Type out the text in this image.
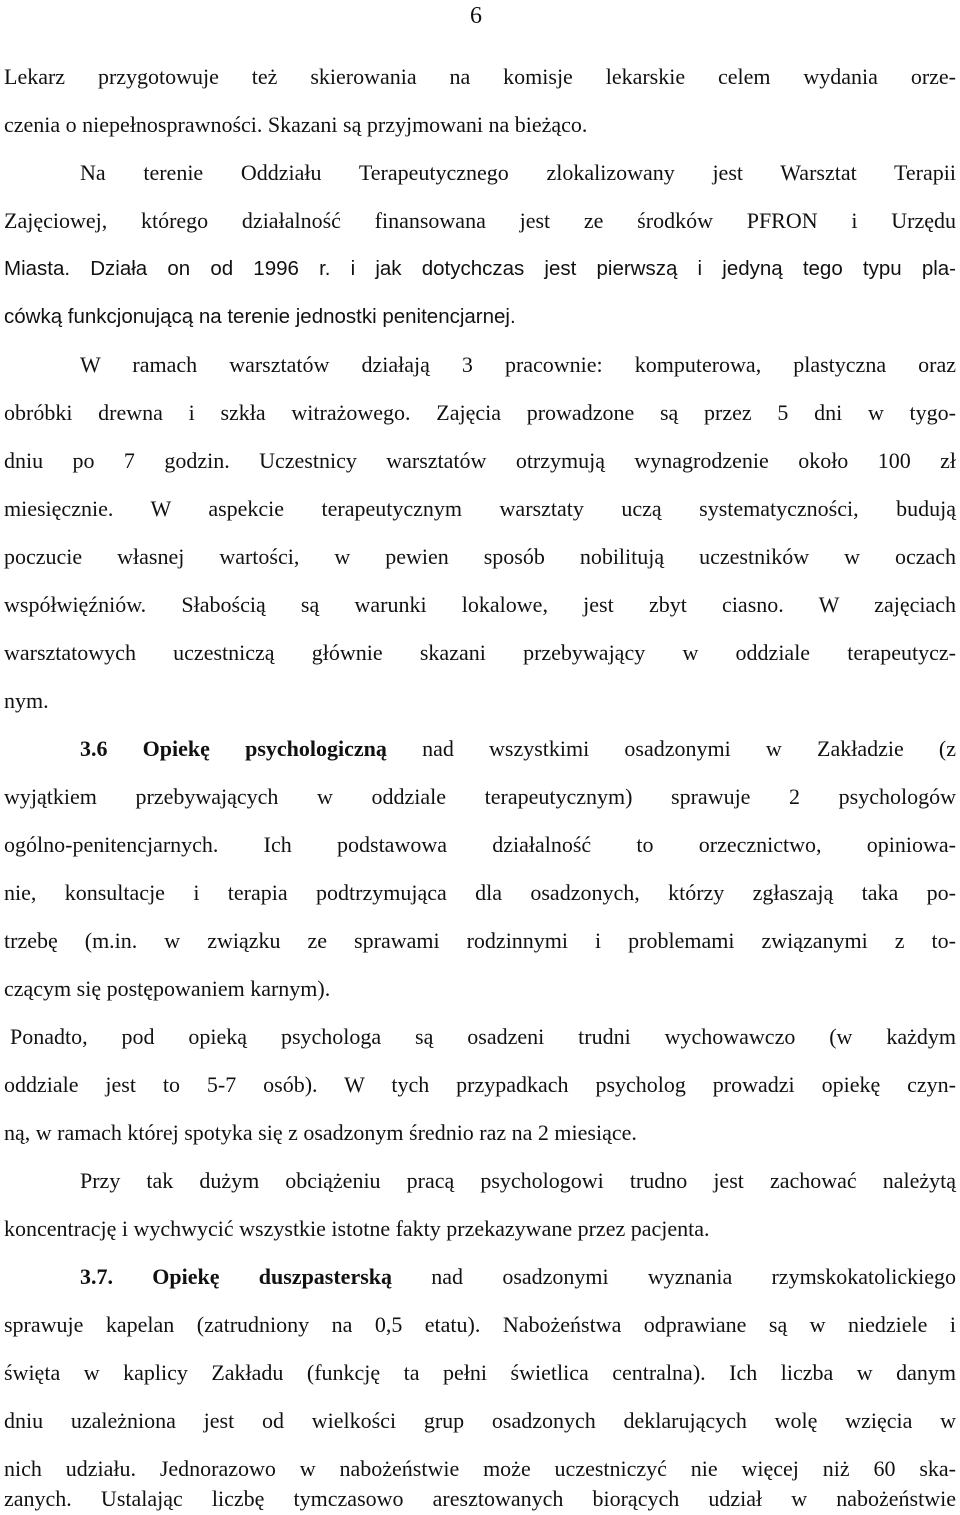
6
Lekarz przygotowuje też skierowania na komisje lekarskie celem wydania orze-
czenia o niepełnosprawności. Skazani są przyjmowani na bieżąco.
Na terenie Oddziału Terapeutycznego zlokalizowany jest Warsztat Terapii
Zajęciowej, którego działalność finansowana jest ze środków PFRON i Urzędu
Miasta. Działa on od 1996 r. i jak dotychczas jest pierwszą i jedyną tego typu pla-
cówką funkcjonującą na terenie jednostki penitencjarnej.
W ramach warsztatów działają 3 pracownie: komputerowa, plastyczna oraz
obróbki drewna i szkła witrażowego. Zajęcia prowadzone są przez 5 dni w tygo-
dniu po 7 godzin. Uczestnicy warsztatów otrzymują wynagrodzenie około 100 zł
miesięcznie. W aspekcie terapeutycznym warsztaty uczą systematyczności, budują
poczucie własnej wartości, w pewien sposób nobilitują uczestników w oczach
współwięźniów. Słabością są warunki lokalowe, jest zbyt ciasno. W zajęciach
warsztatowych uczestniczą głównie skazani przebywający w oddziale terapeutycz-
nym.
3.6 Opiekę psychologiczną nad wszystkimi osadzonymi w Zakładzie (z
wyjątkiem przebywających w oddziale terapeutycznym) sprawuje 2 psychologów
ogólno-penitencjarnych. Ich podstawowa działalność to orzecznictwo, opiniowa-
nie, konsultacje i terapia podtrzymująca dla osadzonych, którzy zgłaszają taka po-
trzebę (m.in. w związku ze sprawami rodzinnymi i problemami związanymi z to-
czącym się postępowaniem karnym).
Ponadto, pod opieką psychologa są osadzeni trudni wychowawczo (w każdym
oddziale jest to 5-7 osób). W tych przypadkach psycholog prowadzi opiekę czyn-
ną, w ramach której spotyka się z osadzonym średnio raz na 2 miesiące.
Przy tak dużym obciążeniu pracą psychologowi trudno jest zachować należytą
koncentrację i wychwycić wszystkie istotne fakty przekazywane przez pacjenta.
3.7. Opiekę duszpasterską nad osadzonymi wyznania rzymskokatolickiego
sprawuje kapelan (zatrudniony na 0,5 etatu). Nabożeństwa odprawiane są w niedziele i
święta w kaplicy Zakładu (funkcję ta pełni świetlica centralna). Ich liczba w danym
dniu uzależniona jest od wielkości grup osadzonych deklarujących wolę wzięcia w
nich udziału. Jednorazowo w nabożeństwie może uczestniczyć nie więcej niż 60 ska-
zanych. Ustalając liczbę tymczasowo aresztowanych biorących udział w nabożeństwie
